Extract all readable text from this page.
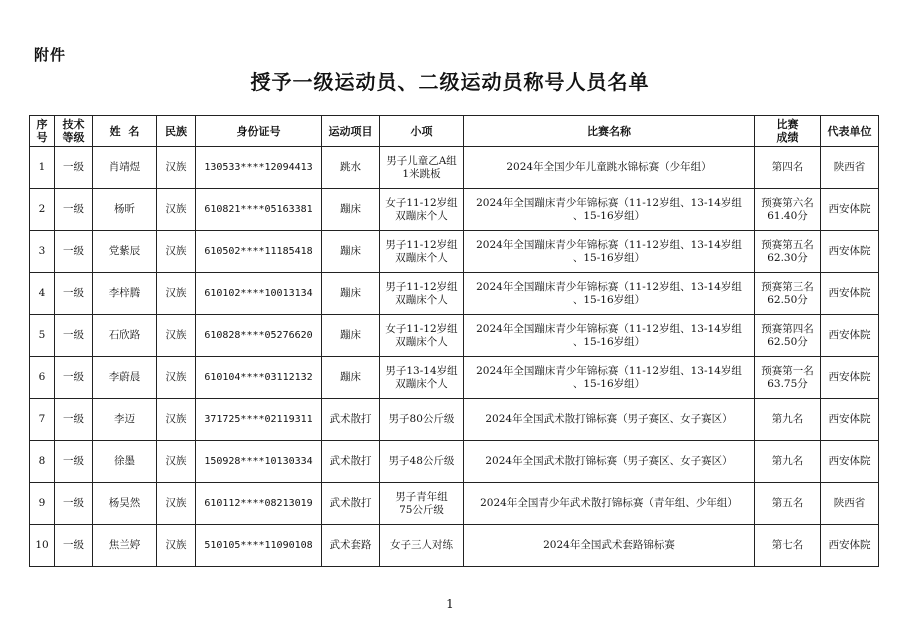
附件
授予一级运动员、二级运动员称号人员名单
序
号	技术
等级	姓  名	民族	身份证号	运动项目	小项	比赛名称	比赛
成绩	代表单位
1	一级	肖靖煜	汉族	130533****12094413	跳水	男子儿童乙A组
1米跳板	2024年全国少年儿童跳水锦标赛（少年组）	第四名	陕西省
2	一级	杨昕	汉族	610821****05163381	蹦床	女子11-12岁组
双蹦床个人	2024年全国蹦床青少年锦标赛（11-12岁组、13-14岁组
、15-16岁组）	预赛第六名
61.40分	西安体院
3	一级	党紫辰	汉族	610502****11185418	蹦床	男子11-12岁组
双蹦床个人	2024年全国蹦床青少年锦标赛（11-12岁组、13-14岁组
、15-16岁组）	预赛第五名
62.30分	西安体院
4	一级	李梓腾	汉族	610102****10013134	蹦床	男子11-12岁组
双蹦床个人	2024年全国蹦床青少年锦标赛（11-12岁组、13-14岁组
、15-16岁组）	预赛第三名
62.50分	西安体院
5	一级	石欣路	汉族	610828****05276620	蹦床	女子11-12岁组
双蹦床个人	2024年全国蹦床青少年锦标赛（11-12岁组、13-14岁组
、15-16岁组）	预赛第四名
62.50分	西安体院
6	一级	李蔚晨	汉族	610104****03112132	蹦床	男子13-14岁组
双蹦床个人	2024年全国蹦床青少年锦标赛（11-12岁组、13-14岁组
、15-16岁组）	预赛第一名
63.75分	西安体院
7	一级	李迈	汉族	371725****02119311	武术散打	男子80公斤级	2024年全国武术散打锦标赛（男子赛区、女子赛区）	第九名	西安体院
8	一级	徐墨	汉族	150928****10130334	武术散打	男子48公斤级	2024年全国武术散打锦标赛（男子赛区、女子赛区）	第九名	西安体院
9	一级	杨昊然	汉族	610112****08213019	武术散打	男子青年组
75公斤级	2024年全国青少年武术散打锦标赛（青年组、少年组）	第五名	陕西省
10	一级	焦兰婷	汉族	510105****11090108	武术套路	女子三人对练	2024年全国武术套路锦标赛	第七名	西安体院
1
